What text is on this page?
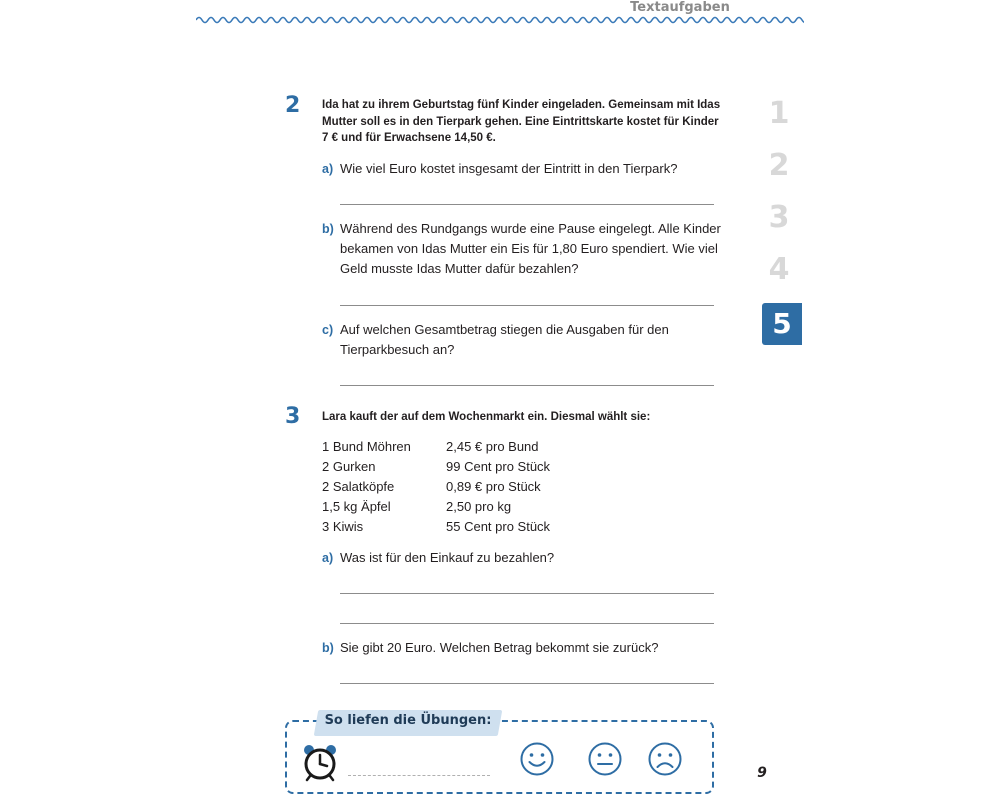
Textaufgaben
2 Ida hat zu ihrem Geburtstag fünf Kinder eingeladen. Gemeinsam mit Idas Mutter soll es in den Tierpark gehen. Eine Eintrittskarte kostet für Kinder 7 € und für Erwachsene 14,50 €.
a) Wie viel Euro kostet insgesamt der Eintritt in den Tierpark?
b) Während des Rundgangs wurde eine Pause eingelegt. Alle Kinder bekamen von Idas Mutter ein Eis für 1,80 Euro spendiert. Wie viel Geld musste Idas Mutter dafür bezahlen?
c) Auf welchen Gesamtbetrag stiegen die Ausgaben für den Tierparkbesuch an?
3 Lara kauft der auf dem Wochenmarkt ein. Diesmal wählt sie:
1 Bund Möhren	2,45 € pro Bund
2 Gurken	99 Cent pro Stück
2 Salatköpfe	0,89 € pro Stück
1,5 kg Äpfel	2,50 pro kg
3 Kiwis	55 Cent pro Stück
a) Was ist für den Einkauf zu bezahlen?
b) Sie gibt 20 Euro. Welchen Betrag bekommt sie zurück?
1
2
3
4
5
So liefen die Übungen:
9
